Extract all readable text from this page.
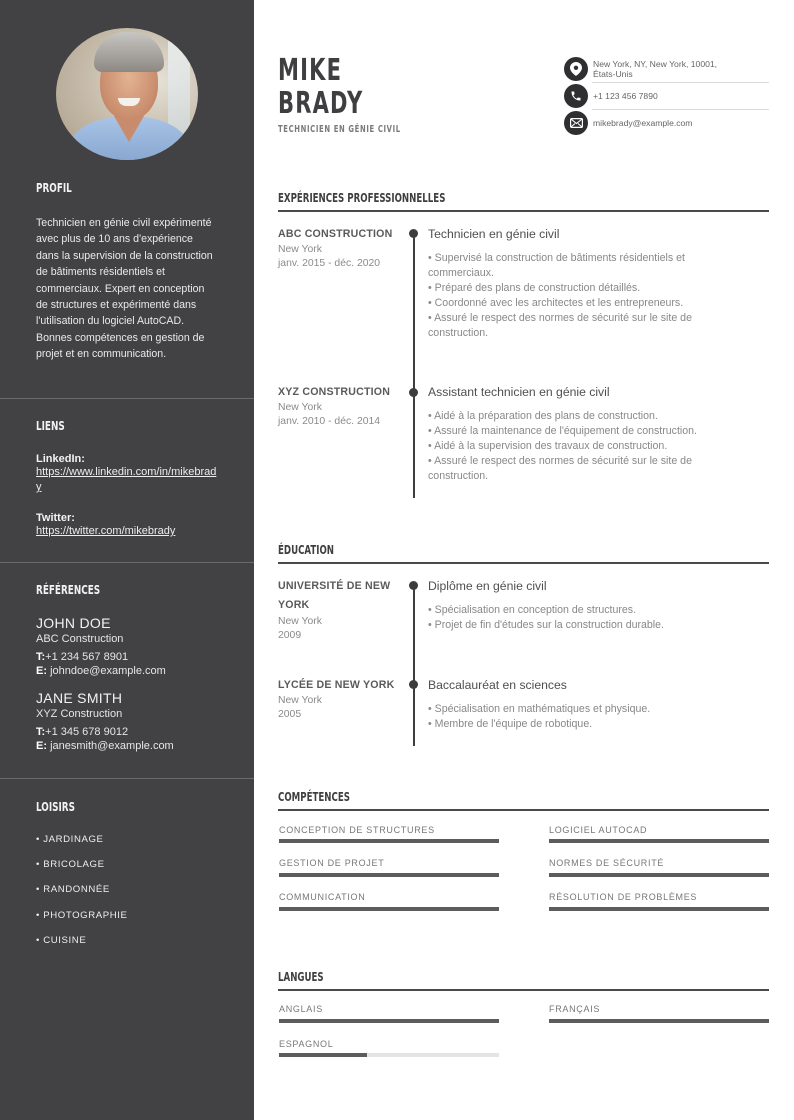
PROFIL
Technicien en génie civil expérimenté avec plus de 10 ans d'expérience dans la supervision de la construction de bâtiments résidentiels et commerciaux. Expert en conception de structures et expérimenté dans l'utilisation du logiciel AutoCAD. Bonnes compétences en gestion de projet et en communication.
LIENS
LinkedIn:
https://www.linkedin.com/in/mikebrady
Twitter:
https://twitter.com/mikebrady
RÉFÉRENCES
JOHN DOE
ABC Construction
T:+1 234 567 8901
E: johndoe@example.com
JANE SMITH
XYZ Construction
T:+1 345 678 9012
E: janesmith@example.com
LOISIRS
• JARDINAGE
• BRICOLAGE
• RANDONNÉE
• PHOTOGRAPHIE
• CUISINE
MIKE
BRADY
TECHNICIEN EN GÉNIE CIVIL
New York, NY, New York, 10001,
États-Unis
+1 123 456 7890
mikebrady@example.com
EXPÉRIENCES PROFESSIONNELLES
ABC CONSTRUCTION
New York
janv. 2015 - déc. 2020
Technicien en génie civil
• Supervisé la construction de bâtiments résidentiels et commerciaux.
• Préparé des plans de construction détaillés.
• Coordonné avec les architectes et les entrepreneurs.
• Assuré le respect des normes de sécurité sur le site de construction.
XYZ CONSTRUCTION
New York
janv. 2010 - déc. 2014
Assistant technicien en génie civil
• Aidé à la préparation des plans de construction.
• Assuré la maintenance de l'équipement de construction.
• Aidé à la supervision des travaux de construction.
• Assuré le respect des normes de sécurité sur le site de construction.
ÉDUCATION
UNIVERSITÉ DE NEW YORK
New York
2009
Diplôme en génie civil
• Spécialisation en conception de structures.
• Projet de fin d'études sur la construction durable.
LYCÉE DE NEW YORK
New York
2005
Baccalauréat en sciences
• Spécialisation en mathématiques et physique.
• Membre de l'équipe de robotique.
COMPÉTENCES
CONCEPTION DE STRUCTURES	LOGICIEL AUTOCAD
GESTION DE PROJET	NORMES DE SÉCURITÉ
COMMUNICATION	RÉSOLUTION DE PROBLÈMES
LANGUES
ANGLAIS	FRANÇAIS
ESPAGNOL
